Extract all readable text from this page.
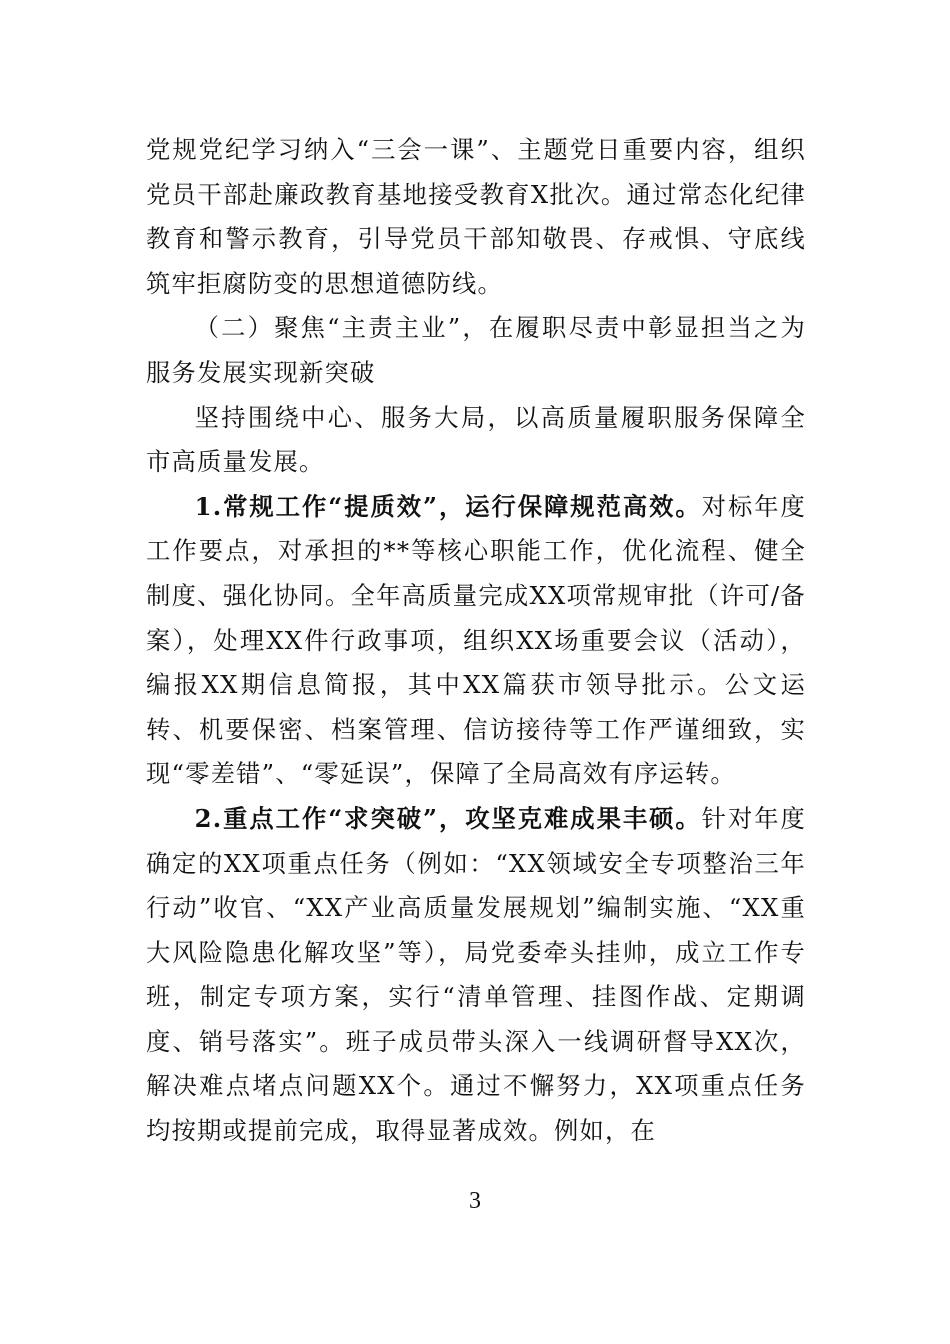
党规党纪学习纳入“三会一课”、主题党日重要内容，组织党员干部赴廉政教育基地接受教育X批次。通过常态化纪律教育和警示教育，引导党员干部知敬畏、存戒惧、守底线筑牢拒腐防变的思想道德防线。

（二）聚焦“主责主业”，在履职尽责中彰显担当之为服务发展实现新突破

坚持围绕中心、服务大局，以高质量履职服务保障全市高质量发展。

1.常规工作“提质效”，运行保障规范高效。对标年度工作要点，对承担的**等核心职能工作，优化流程、健全制度、强化协同。全年高质量完成XX项常规审批（许可/备案），处理XX件行政事项，组织XX场重要会议（活动），编报XX期信息简报，其中XX篇获市领导批示。公文运转、机要保密、档案管理、信访接待等工作严谨细致，实现“零差错”、“零延误”，保障了全局高效有序运转。

2.重点工作“求突破”，攻坚克难成果丰硕。针对年度确定的XX项重点任务（例如：“XX领域安全专项整治三年行动”收官、“XX产业高质量发展规划”编制实施、“XX重大风险隐患化解攻坚”等），局党委牵头挂帅，成立工作专班，制定专项方案，实行“清单管理、挂图作战、定期调度、销号落实”。班子成员带头深入一线调研督导XX次，解决难点堵点问题XX个。通过不懈努力，XX项重点任务均按期或提前完成，取得显著成效。例如，在

3
